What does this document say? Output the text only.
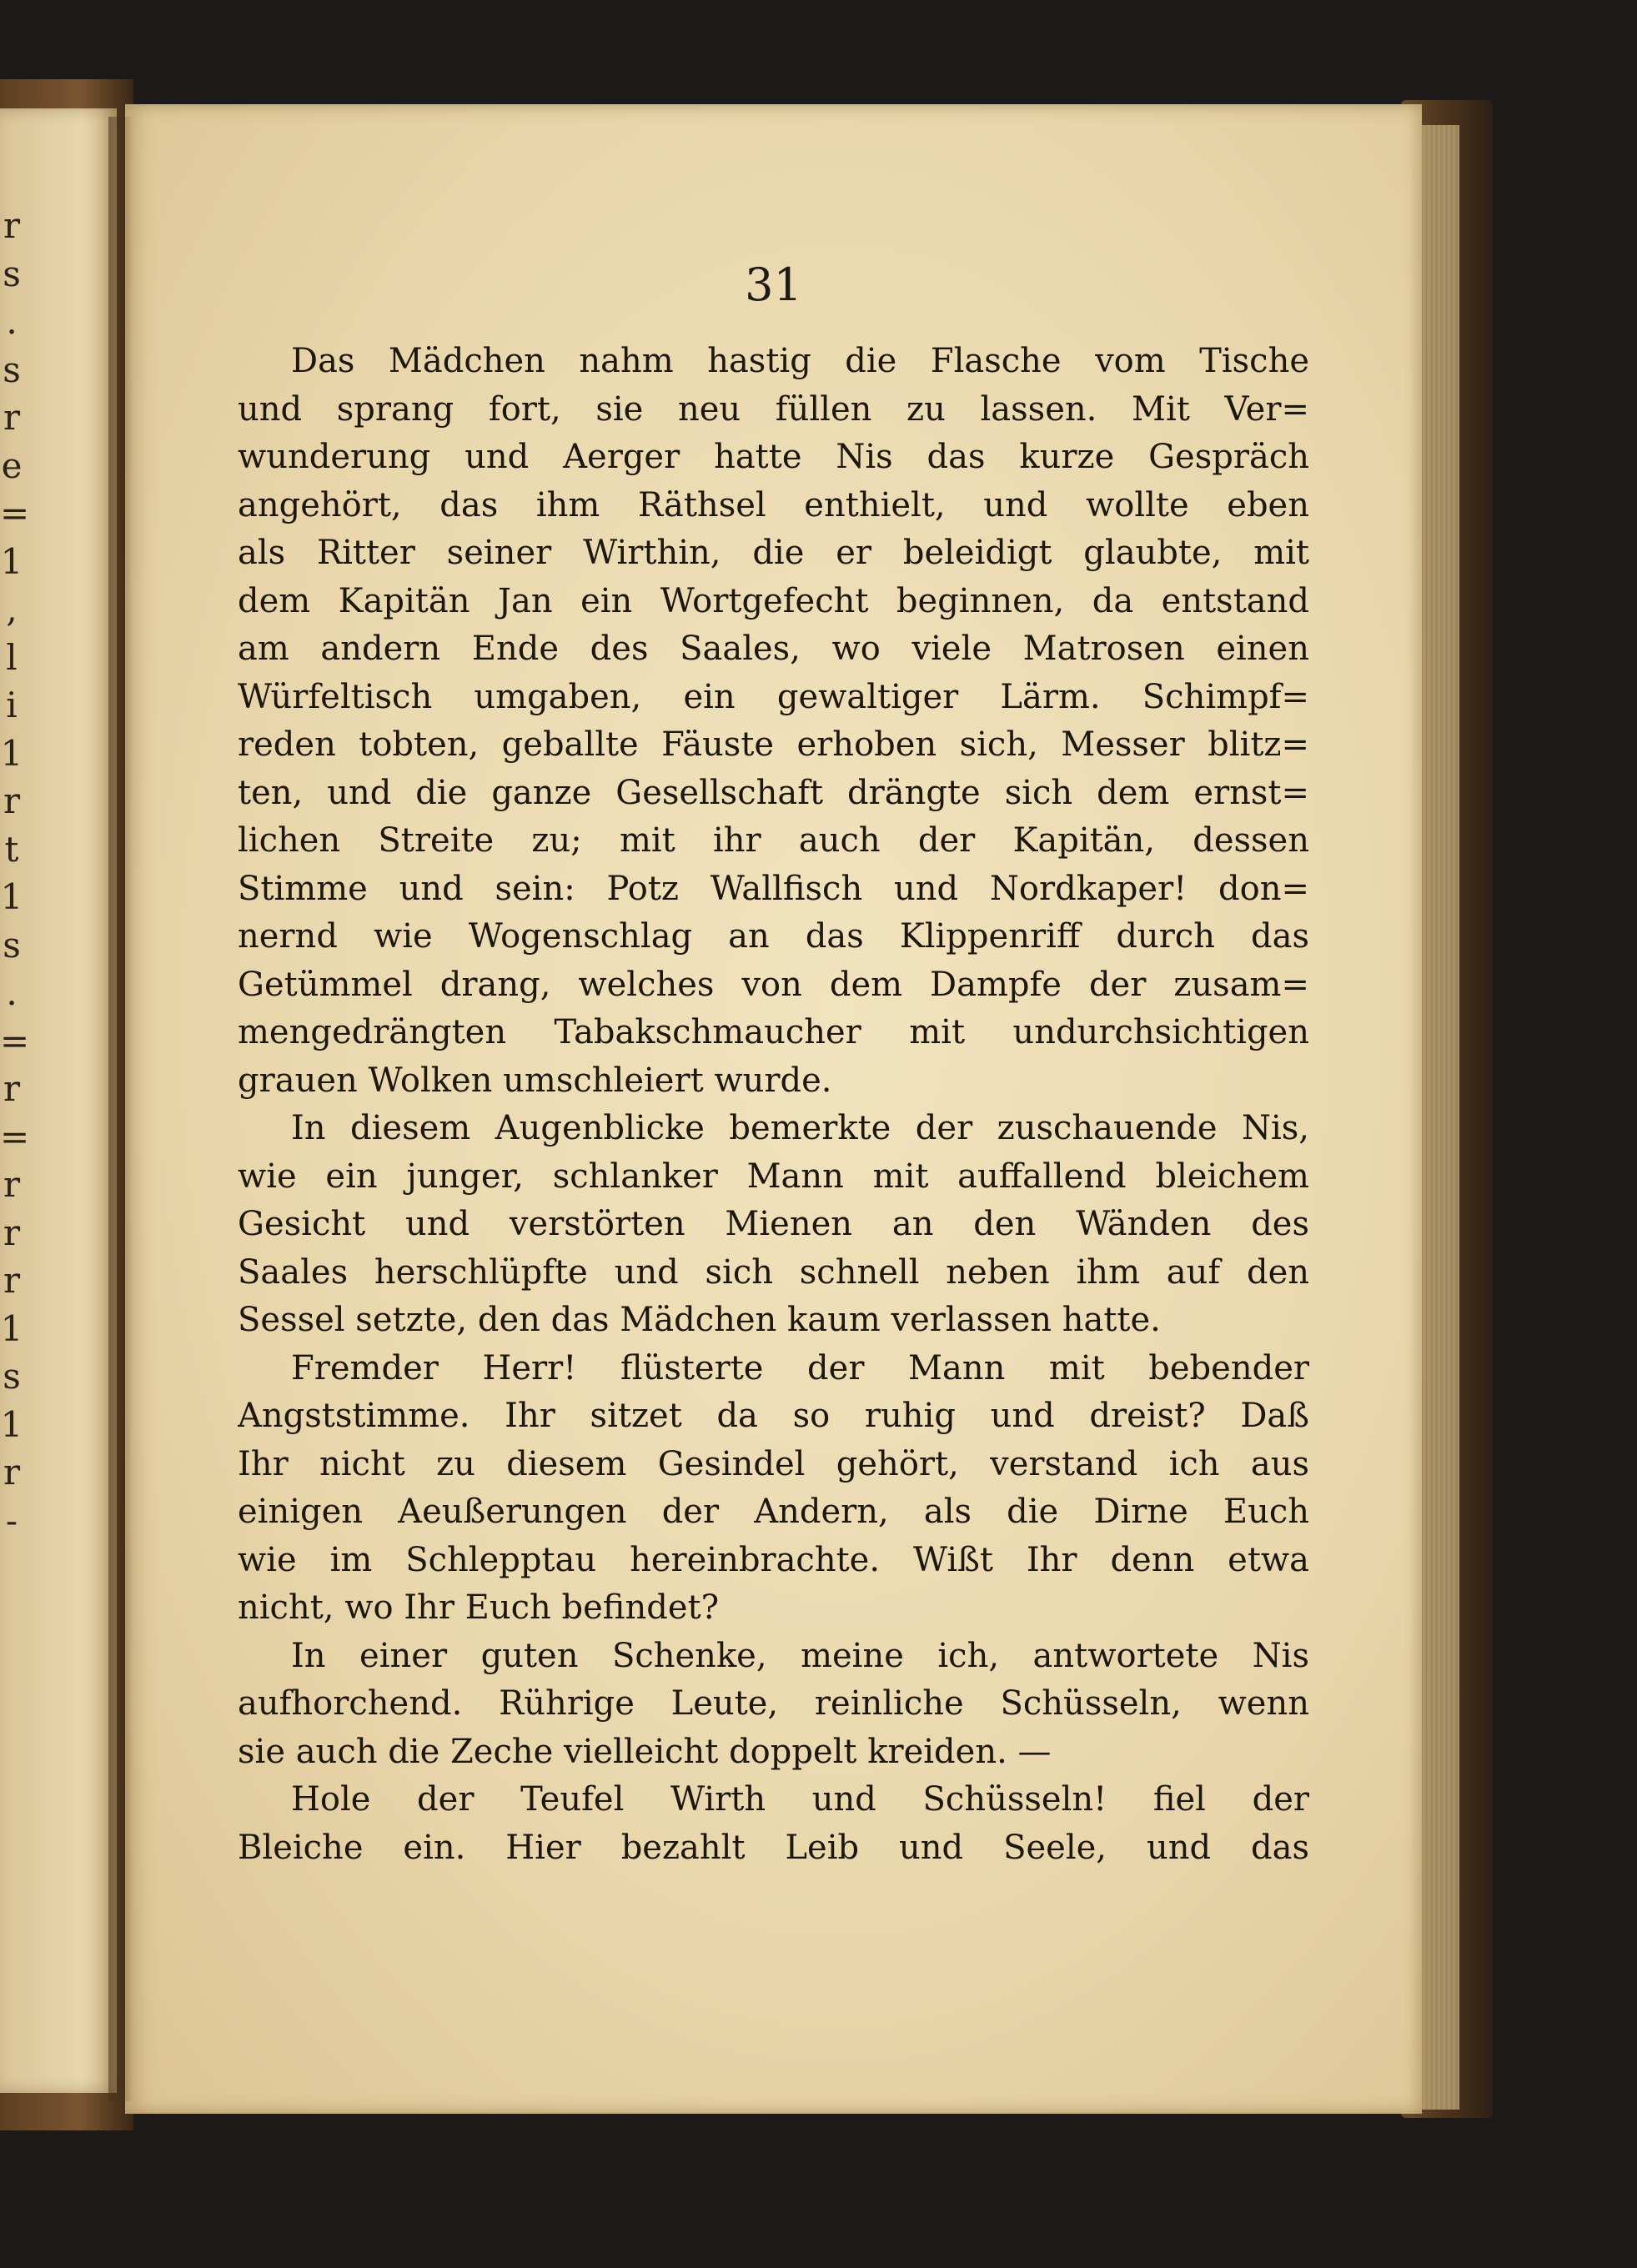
r
s
.
s
r
e
=
1
,
l
i
1
r
t
1
s
.
=
r
=
r
r
r
1
s
1
r
-
31
Das Mädchen nahm hastig die Flasche vom Tische
und sprang fort, sie neu füllen zu lassen. Mit Ver=
wunderung und Aerger hatte Nis das kurze Gespräch
angehört, das ihm Räthsel enthielt, und wollte eben
als Ritter seiner Wirthin, die er beleidigt glaubte, mit
dem Kapitän Jan ein Wortgefecht beginnen, da entstand
am andern Ende des Saales, wo viele Matrosen einen
Würfeltisch umgaben, ein gewaltiger Lärm. Schimpf=
reden tobten, geballte Fäuste erhoben sich, Messer blitz=
ten, und die ganze Gesellschaft drängte sich dem ernst=
lichen Streite zu; mit ihr auch der Kapitän, dessen
Stimme und sein: Potz Wallfisch und Nordkaper! don=
nernd wie Wogenschlag an das Klippenriff durch das
Getümmel drang, welches von dem Dampfe der zusam=
mengedrängten Tabakschmaucher mit undurchsichtigen
grauen Wolken umschleiert wurde.
In diesem Augenblicke bemerkte der zuschauende Nis,
wie ein junger, schlanker Mann mit auffallend bleichem
Gesicht und verstörten Mienen an den Wänden des
Saales herschlüpfte und sich schnell neben ihm auf den
Sessel setzte, den das Mädchen kaum verlassen hatte.
Fremder Herr! flüsterte der Mann mit bebender
Angststimme. Ihr sitzet da so ruhig und dreist? Daß
Ihr nicht zu diesem Gesindel gehört, verstand ich aus
einigen Aeußerungen der Andern, als die Dirne Euch
wie im Schlepptau hereinbrachte. Wißt Ihr denn etwa
nicht, wo Ihr Euch befindet?
In einer guten Schenke, meine ich, antwortete Nis
aufhorchend. Rührige Leute, reinliche Schüsseln, wenn
sie auch die Zeche vielleicht doppelt kreiden. —
Hole der Teufel Wirth und Schüsseln! fiel der
Bleiche ein. Hier bezahlt Leib und Seele, und das
